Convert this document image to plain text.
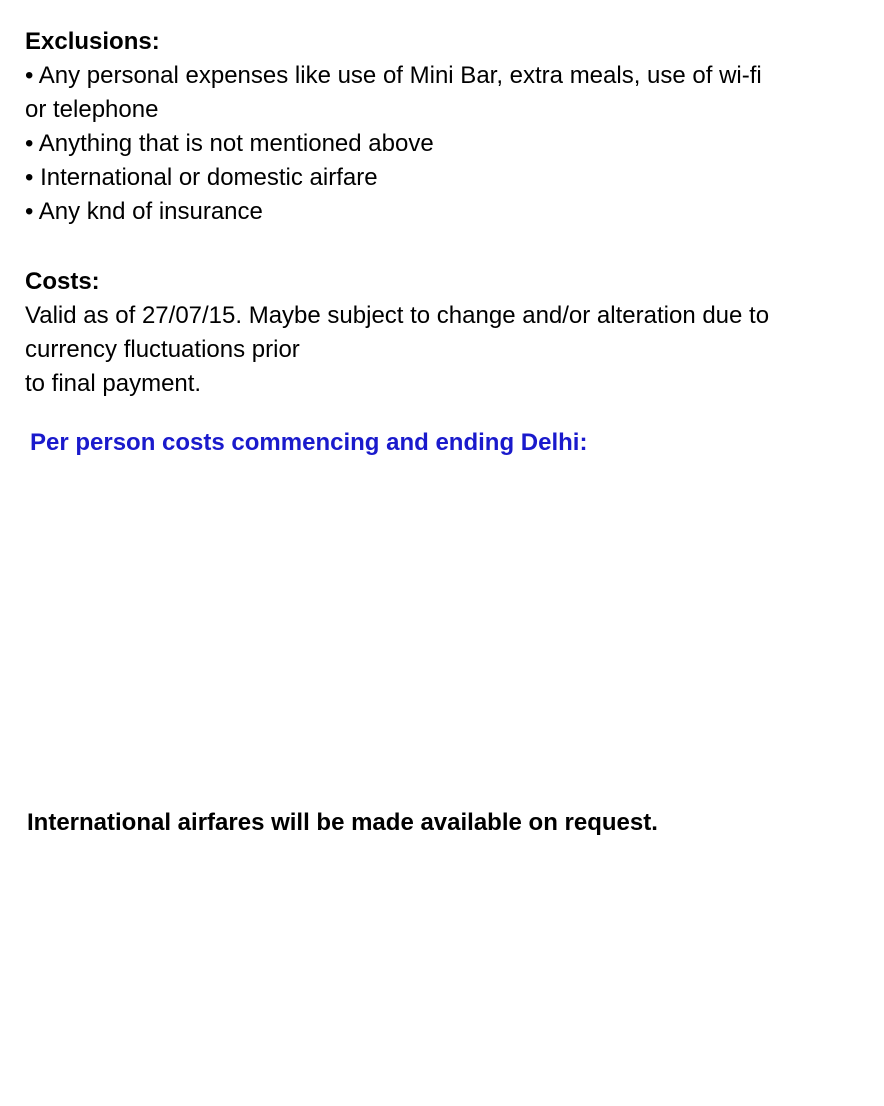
Exclusions:
• Any personal expenses like use of Mini Bar, extra meals, use of wi-fi
or telephone
• Anything that is not mentioned above
• International or domestic airfare
• Any knd of insurance
Costs:
Valid as of 27/07/15. Maybe subject to change and/or alteration due to
currency fluctuations prior
to final payment.
Per person costs commencing and ending Delhi:
International airfares will be made available on request.
